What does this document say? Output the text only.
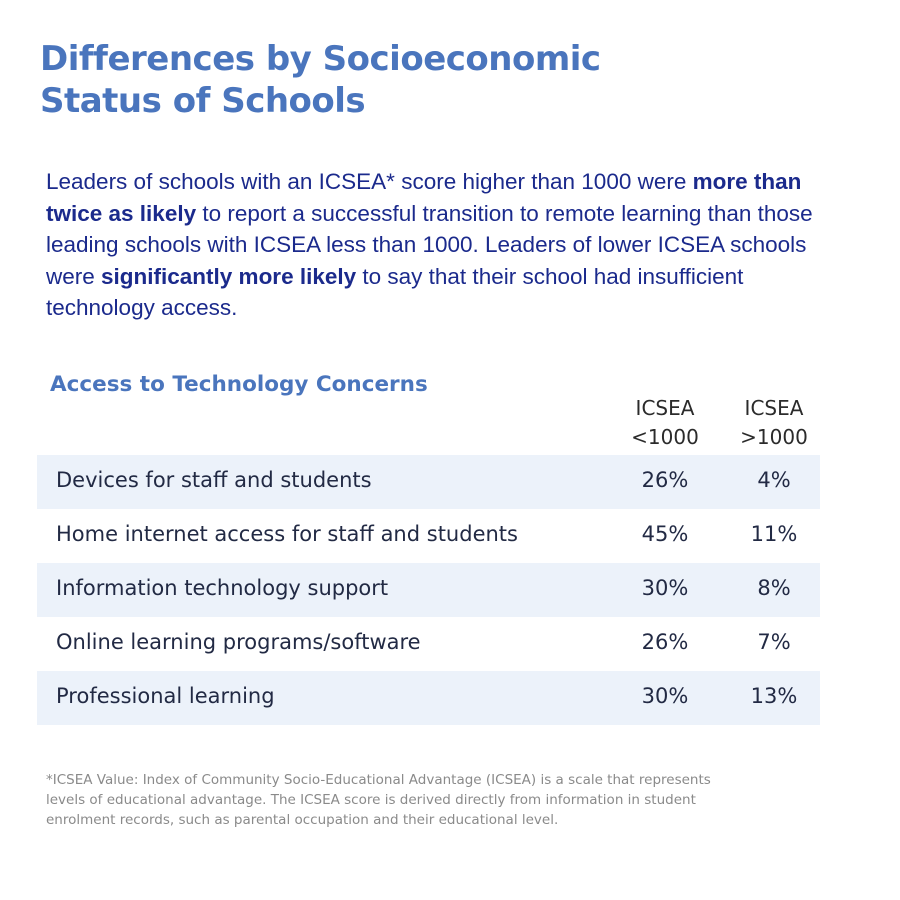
Differences by Socioeconomic
Status of Schools

Leaders of schools with an ICSEA* score higher than 1000 were more than twice as likely to report a successful transition to remote learning than those leading schools with ICSEA less than 1000. Leaders of lower ICSEA schools were significantly more likely to say that their school had insufficient technology access.

Access to Technology Concerns
ICSEA
<1000
ICSEA
>1000
Devices for staff and students	26%	4%
Home internet access for staff and students	45%	11%
Information technology support	30%	8%
Online learning programs/software	26%	7%
Professional learning	30%	13%

*ICSEA Value: Index of Community Socio-Educational Advantage (ICSEA) is a scale that represents levels of educational advantage. The ICSEA score is derived directly from information in student enrolment records, such as parental occupation and their educational level.
